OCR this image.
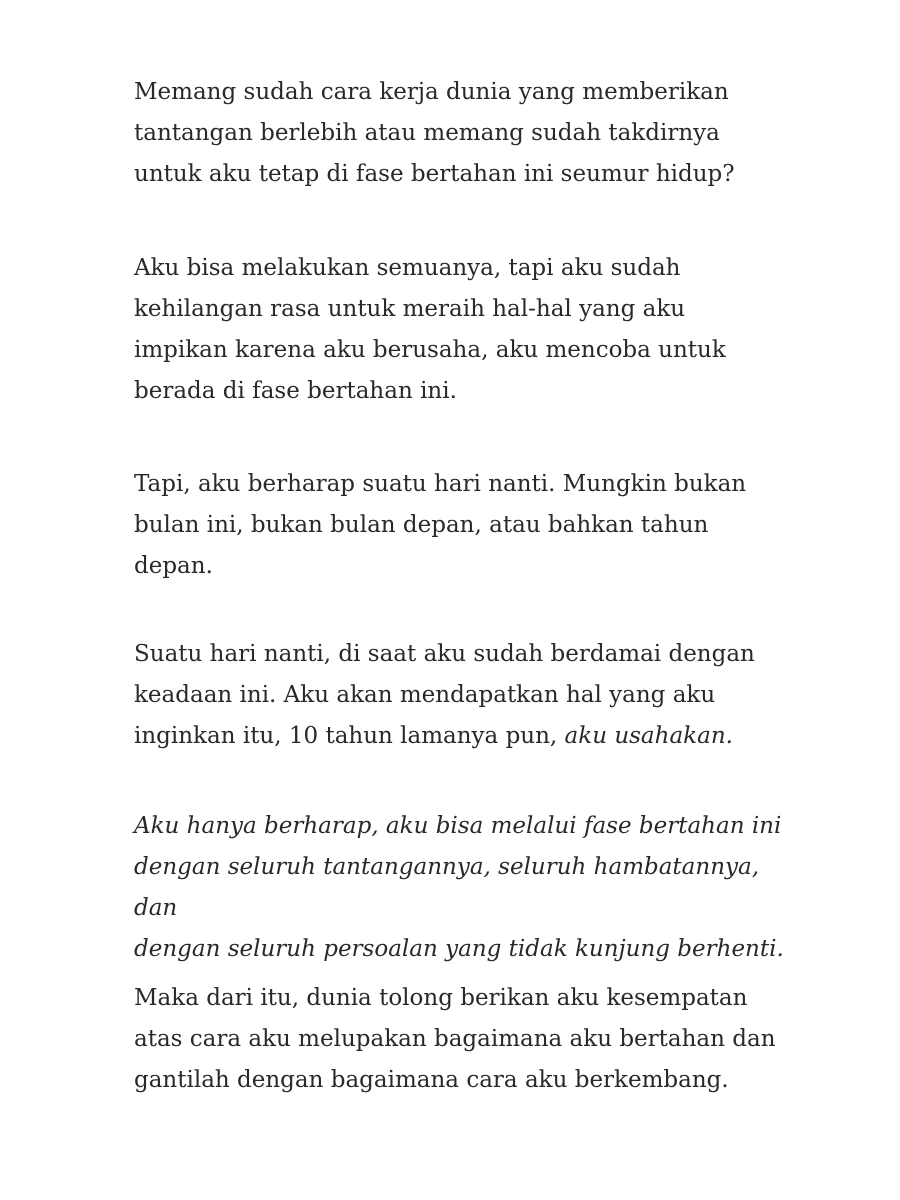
Memang sudah cara kerja dunia yang memberikan
tantangan berlebih atau memang sudah takdirnya
untuk aku tetap di fase bertahan ini seumur hidup?

Aku bisa melakukan semuanya, tapi aku sudah
kehilangan rasa untuk meraih hal-hal yang aku
impikan karena aku berusaha, aku mencoba untuk
berada di fase bertahan ini.

Tapi, aku berharap suatu hari nanti. Mungkin bukan
bulan ini, bukan bulan depan, atau bahkan tahun
depan.

Suatu hari nanti, di saat aku sudah berdamai dengan
keadaan ini. Aku akan mendapatkan hal yang aku
inginkan itu, 10 tahun lamanya pun, aku usahakan.

Aku hanya berharap, aku bisa melalui fase bertahan ini
dengan seluruh tantangannya, seluruh hambatannya, dan
dengan seluruh persoalan yang tidak kunjung berhenti.

Maka dari itu, dunia tolong berikan aku kesempatan
atas cara aku melupakan bagaimana aku bertahan dan
gantilah dengan bagaimana cara aku berkembang.
